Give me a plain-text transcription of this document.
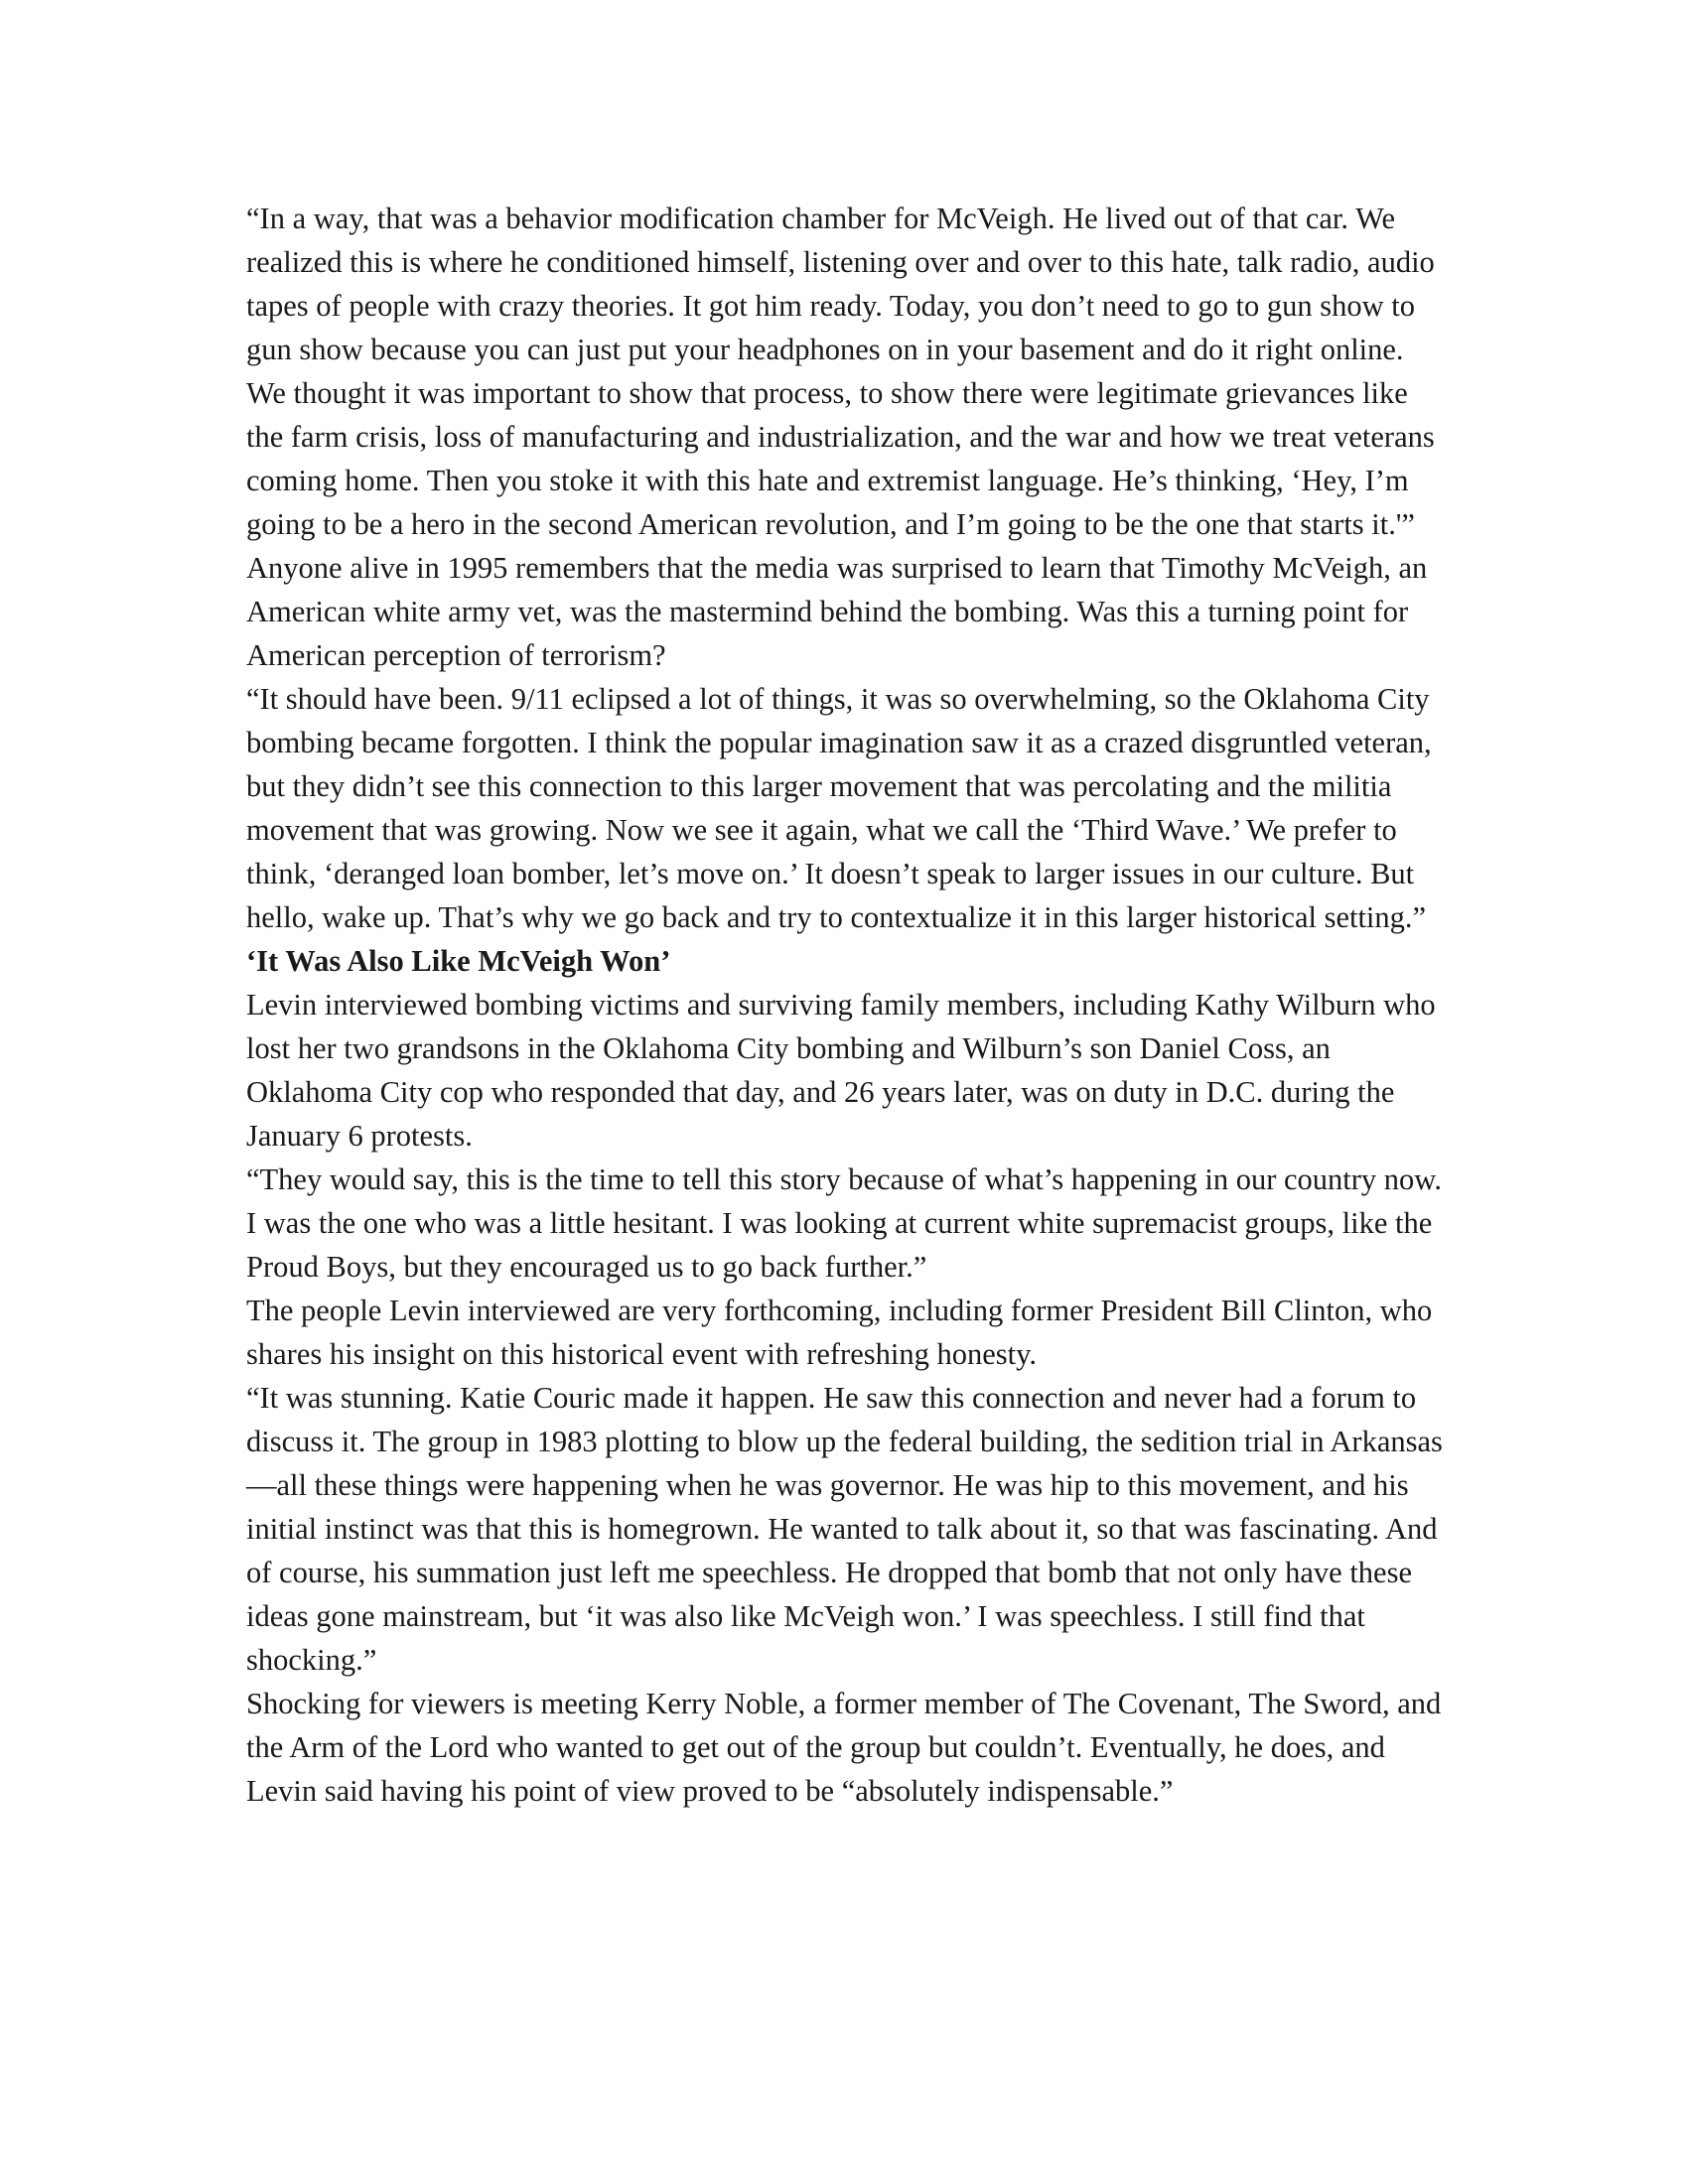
“In a way, that was a behavior modification chamber for McVeigh. He lived out of that car. We realized this is where he conditioned himself, listening over and over to this hate, talk radio, audio tapes of people with crazy theories. It got him ready. Today, you don’t need to go to gun show to gun show because you can just put your headphones on in your basement and do it right online. We thought it was important to show that process, to show there were legitimate grievances like the farm crisis, loss of manufacturing and industrialization, and the war and how we treat veterans coming home. Then you stoke it with this hate and extremist language. He’s thinking, ‘Hey, I’m going to be a hero in the second American revolution, and I’m going to be the one that starts it.'”

Anyone alive in 1995 remembers that the media was surprised to learn that Timothy McVeigh, an American white army vet, was the mastermind behind the bombing. Was this a turning point for American perception of terrorism?

“It should have been. 9/11 eclipsed a lot of things, it was so overwhelming, so the Oklahoma City bombing became forgotten. I think the popular imagination saw it as a crazed disgruntled veteran, but they didn’t see this connection to this larger movement that was percolating and the militia movement that was growing. Now we see it again, what we call the ‘Third Wave.’ We prefer to think, ‘deranged loan bomber, let’s move on.’ It doesn’t speak to larger issues in our culture. But hello, wake up. That’s why we go back and try to contextualize it in this larger historical setting.”

‘It Was Also Like McVeigh Won’

Levin interviewed bombing victims and surviving family members, including Kathy Wilburn who lost her two grandsons in the Oklahoma City bombing and Wilburn’s son Daniel Coss, an Oklahoma City cop who responded that day, and 26 years later, was on duty in D.C. during the January 6 protests.

“They would say, this is the time to tell this story because of what’s happening in our country now. I was the one who was a little hesitant. I was looking at current white supremacist groups, like the Proud Boys, but they encouraged us to go back further.”

The people Levin interviewed are very forthcoming, including former President Bill Clinton, who shares his insight on this historical event with refreshing honesty.

“It was stunning. Katie Couric made it happen. He saw this connection and never had a forum to discuss it. The group in 1983 plotting to blow up the federal building, the sedition trial in Arkansas—all these things were happening when he was governor. He was hip to this movement, and his initial instinct was that this is homegrown. He wanted to talk about it, so that was fascinating. And of course, his summation just left me speechless. He dropped that bomb that not only have these ideas gone mainstream, but ‘it was also like McVeigh won.’ I was speechless. I still find that shocking.”

Shocking for viewers is meeting Kerry Noble, a former member of The Covenant, The Sword, and the Arm of the Lord who wanted to get out of the group but couldn’t. Eventually, he does, and Levin said having his point of view proved to be “absolutely indispensable.”
